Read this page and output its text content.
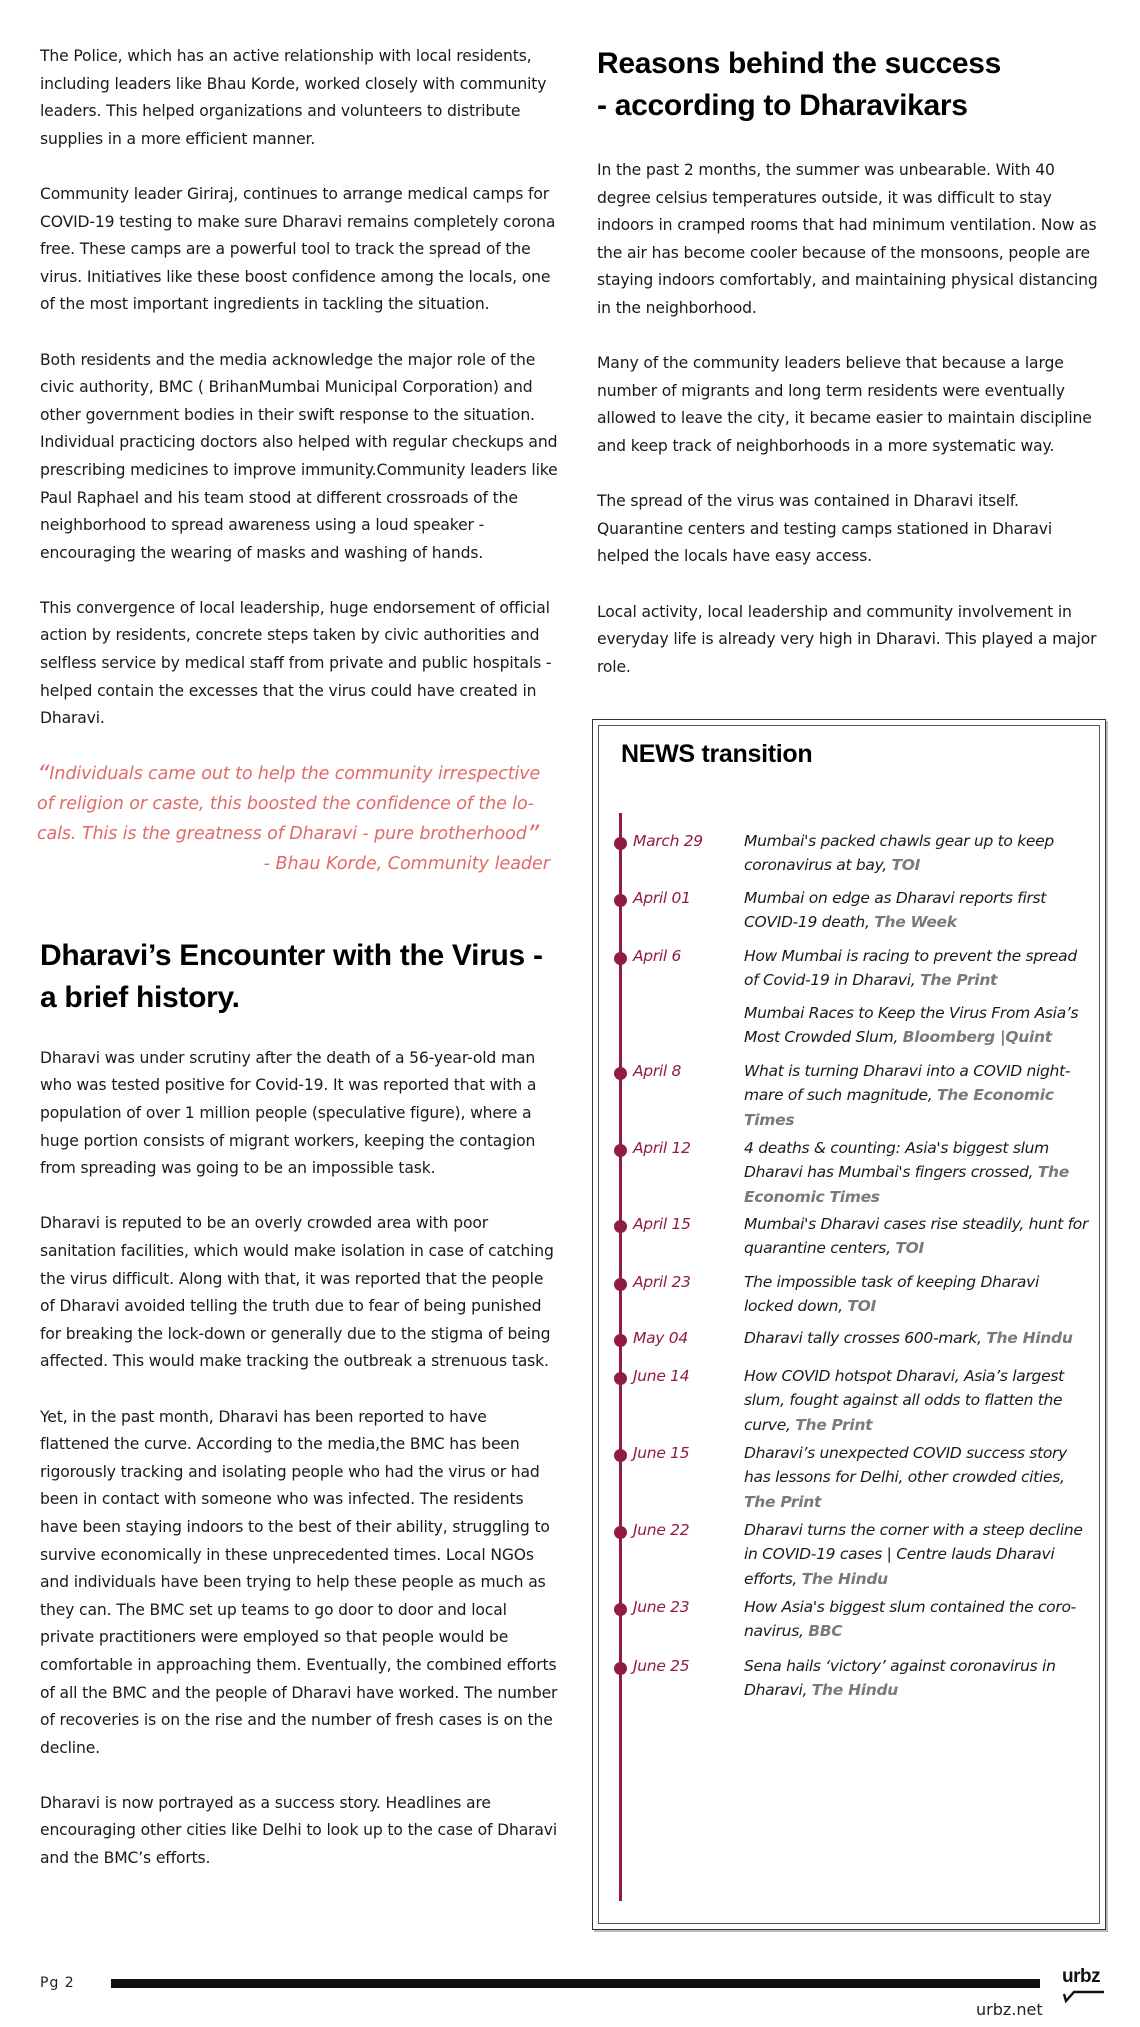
The Police, which has an active relationship with local residents, including leaders like Bhau Korde, worked closely with community leaders. This helped organizations and volunteers to distribute supplies in a more efficient manner.

Community leader Giriraj, continues to arrange medical camps for COVID-19 testing to make sure Dharavi remains completely corona free. These camps are a powerful tool to track the spread of the virus. Initiatives like these boost confidence among the locals, one of the most important ingredients in tackling the situation.

Both residents and the media acknowledge the major role of the civic authority, BMC ( BrihanMumbai Municipal Corporation) and other government bodies in their swift response to the situation. Individual practicing doctors also helped with regular checkups and prescribing medicines to improve immunity.Community leaders like Paul Raphael and his team stood at different crossroads of the neighborhood to spread awareness using a loud speaker - encouraging the wearing of masks and washing of hands.

This convergence of local leadership, huge endorsement of official action by residents, concrete steps taken by civic authorities and selfless service by medical staff from private and public hospitals - helped contain the excesses that the virus could have created in Dharavi.

“Individuals came out to help the community irrespective of religion or caste, this boosted the confidence of the locals. This is the greatness of Dharavi - pure brotherhood”
- Bhau Korde, Community leader
Dharavi’s Encounter with the Virus - a brief history.

Dharavi was under scrutiny after the death of a 56-year-old man who was tested positive for Covid-19. It was reported that with a population of over 1 million people (speculative figure), where a huge portion consists of migrant workers, keeping the contagion from spreading was going to be an impossible task.

Dharavi is reputed to be an overly crowded area with poor sanitation facilities, which would make isolation in case of catching the virus difficult. Along with that, it was reported that the people of Dharavi avoided telling the truth due to fear of being punished for breaking the lock-down or generally due to the stigma of being affected. This would make tracking the outbreak a strenuous task.

Yet, in the past month, Dharavi has been reported to have flattened the curve. According to the media,the BMC has been rigorously tracking and isolating people who had the virus or had been in contact with someone who was infected. The residents have been staying indoors to the best of their ability, struggling to survive economically in these unprecedented times. Local NGOs and individuals have been trying to help these people as much as they can. The BMC set up teams to go door to door and local private practitioners were employed so that people would be comfortable in approaching them. Eventually, the combined efforts of all the BMC and the people of Dharavi have worked. The number of recoveries is on the rise and the number of fresh cases is on the decline.

Dharavi is now portrayed as a success story. Headlines are encouraging other cities like Delhi to look up to the case of Dharavi and the BMC’s efforts.

Reasons behind the success - according to Dharavikars

In the past 2 months, the summer was unbearable. With 40 degree celsius temperatures outside, it was difficult to stay indoors in cramped rooms that had minimum ventilation. Now as the air has become cooler because of the monsoons, people are staying indoors comfortably, and maintaining physical distancing in the neighborhood.

Many of the community leaders believe that because a large number of migrants and long term residents were eventually allowed to leave the city, it became easier to maintain discipline and keep track of neighborhoods in a more systematic way.

The spread of the virus was contained in Dharavi itself. Quarantine centers and testing camps stationed in Dharavi helped the locals have easy access.

Local activity, local leadership and community involvement in everyday life is already very high in Dharavi. This played a major role.

NEWS transition
March 29	Mumbai's packed chawls gear up to keep coronavirus at bay, TOI
April 01	Mumbai on edge as Dharavi reports first COVID-19 death, The Week
April 6	How Mumbai is racing to prevent the spread of Covid-19 in Dharavi, The Print
Mumbai Races to Keep the Virus From Asia’s Most Crowded Slum, Bloomberg |Quint
April 8	What is turning Dharavi into a COVID nightmare of such magnitude, The Economic Times
April 12	4 deaths & counting: Asia's biggest slum Dharavi has Mumbai's fingers crossed, The Economic Times
April 15	Mumbai's Dharavi cases rise steadily, hunt for quarantine centers, TOI
April 23	The impossible task of keeping Dharavi locked down, TOI
May 04	Dharavi tally crosses 600-mark, The Hindu
June 14	How COVID hotspot Dharavi, Asia’s largest slum, fought against all odds to flatten the curve, The Print
June 15	Dharavi’s unexpected COVID success story has lessons for Delhi, other crowded cities, The Print
June 22	Dharavi turns the corner with a steep decline in COVID-19 cases | Centre lauds Dharavi efforts, The Hindu
June 23	How Asia's biggest slum contained the coronavirus, BBC
June 25	Sena hails ‘victory’ against coronavirus in Dharavi, The Hindu
Pg 2
urbz.net
urbz
